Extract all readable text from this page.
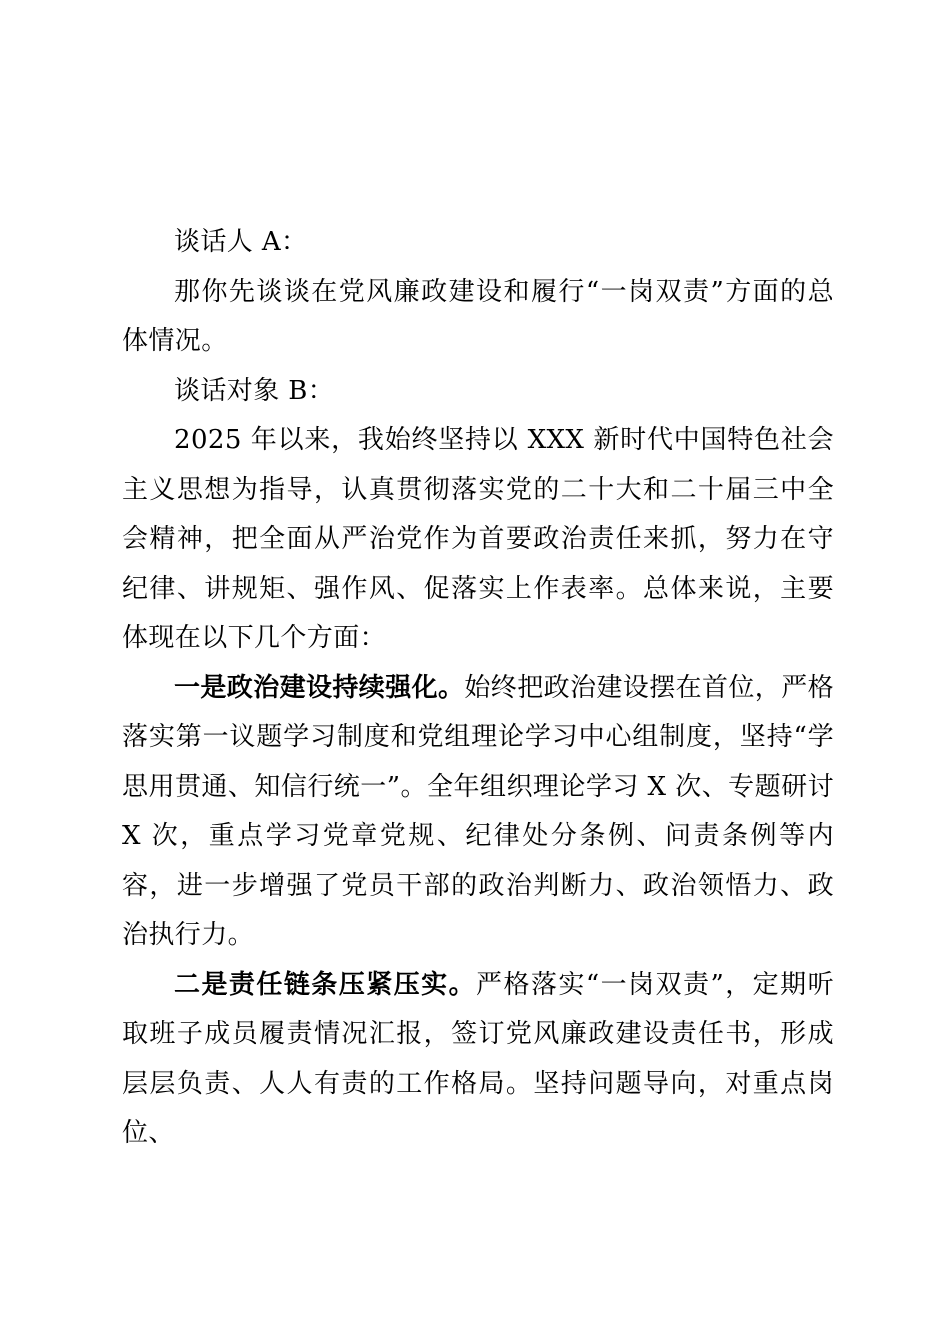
谈话人 A：

那你先谈谈在党风廉政建设和履行“一岗双责”方面的总体情况。

谈话对象 B：

2025 年以来，我始终坚持以 XXX 新时代中国特色社会主义思想为指导，认真贯彻落实党的二十大和二十届三中全会精神，把全面从严治党作为首要政治责任来抓，努力在守纪律、讲规矩、强作风、促落实上作表率。总体来说，主要体现在以下几个方面：

一是政治建设持续强化。始终把政治建设摆在首位，严格落实第一议题学习制度和党组理论学习中心组制度，坚持“学思用贯通、知信行统一”。全年组织理论学习 X 次、专题研讨 X 次，重点学习党章党规、纪律处分条例、问责条例等内容，进一步增强了党员干部的政治判断力、政治领悟力、政治执行力。

二是责任链条压紧压实。严格落实“一岗双责”，定期听取班子成员履责情况汇报，签订党风廉政建设责任书，形成层层负责、人人有责的工作格局。坚持问题导向，对重点岗位、
